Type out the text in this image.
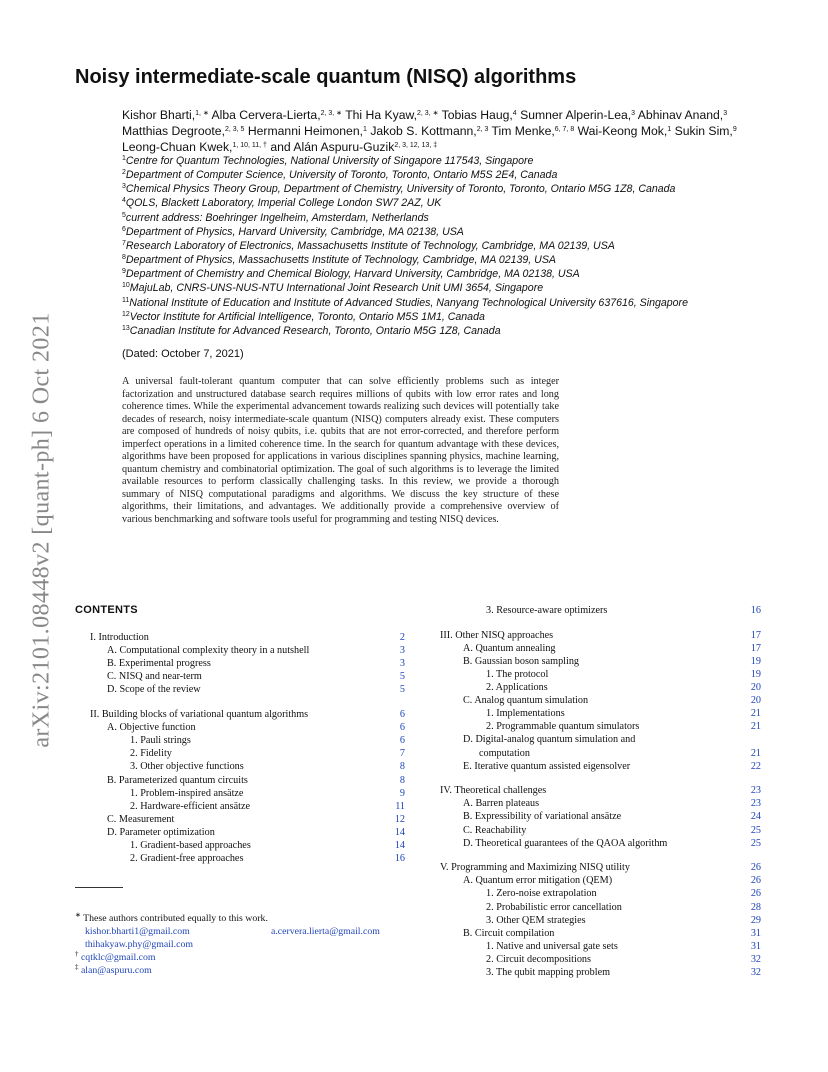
arXiv:2101.08448v2 [quant-ph] 6 Oct 2021
Noisy intermediate-scale quantum (NISQ) algorithms
Kishor Bharti,$^{1, ∗}$ Alba Cervera-Lierta,$^{2, 3, ∗}$ Thi Ha Kyaw,$^{2, 3, ∗}$ Tobias Haug,$^4$ Sumner Alperin-Lea,$^3$ Abhinav Anand,$^3$ Matthias Degroote,$^{2, 3, 5}$ Hermanni Heimonen,$^1$ Jakob S. Kottmann,$^{2, 3}$ Tim Menke,$^{6, 7, 8}$ Wai-Keong Mok,$^1$ Sukin Sim,$^9$ Leong-Chuan Kwek,$^{1, 10, 11, \dagger}$ and Alán Aspuru-Guzik$^{2, 3, 12, 13, \ddagger}$
$^1$Centre for Quantum Technologies, National University of Singapore 117543, Singapore
$^2$Department of Computer Science, University of Toronto, Toronto, Ontario M5S 2E4, Canada
$^3$Chemical Physics Theory Group, Department of Chemistry, University of Toronto, Toronto, Ontario M5G 1Z8, Canada
$^4$QOLS, Blackett Laboratory, Imperial College London SW7 2AZ, UK
$^5$current address: Boehringer Ingelheim, Amsterdam, Netherlands
$^6$Department of Physics, Harvard University, Cambridge, MA 02138, USA
$^7$Research Laboratory of Electronics, Massachusetts Institute of Technology, Cambridge, MA 02139, USA
$^8$Department of Physics, Massachusetts Institute of Technology, Cambridge, MA 02139, USA
$^9$Department of Chemistry and Chemical Biology, Harvard University, Cambridge, MA 02138, USA
$^{10}$MajuLab, CNRS-UNS-NUS-NTU International Joint Research Unit UMI 3654, Singapore
$^{11}$National Institute of Education and Institute of Advanced Studies, Nanyang Technological University 637616, Singapore
$^{12}$Vector Institute for Artificial Intelligence, Toronto, Ontario M5S 1M1, Canada
$^{13}$Canadian Institute for Advanced Research, Toronto, Ontario M5G 1Z8, Canada
(Dated: October 7, 2021)
A universal fault-tolerant quantum computer that can solve efficiently problems such as integer factorization and unstructured database search requires millions of qubits with low error rates and long coherence times. While the experimental advancement towards realizing such devices will potentially take decades of research, noisy intermediate-scale quantum (NISQ) computers already exist. These computers are composed of hundreds of noisy qubits, i.e. qubits that are not error-corrected, and therefore perform imperfect operations in a limited coherence time. In the search for quantum advantage with these devices, algorithms have been proposed for applications in various disciplines spanning physics, machine learning, quantum chemistry and combinatorial optimization. The goal of such algorithms is to leverage the limited available resources to perform classically challenging tasks. In this review, we provide a thorough summary of NISQ computational paradigms and algorithms. We discuss the key structure of these algorithms, their limitations, and advantages. We additionally provide a comprehensive overview of various benchmarking and software tools useful for programming and testing NISQ devices.
CONTENTS
I. Introduction	2
A. Computational complexity theory in a nutshell	3
B. Experimental progress	3
C. NISQ and near-term	5
D. Scope of the review	5
II. Building blocks of variational quantum algorithms	6
A. Objective function	6
1. Pauli strings	6
2. Fidelity	7
3. Other objective functions	8
B. Parameterized quantum circuits	8
1. Problem-inspired ansätze	9
2. Hardware-efficient ansätze	11
C. Measurement	12
D. Parameter optimization	14
1. Gradient-based approaches	14
2. Gradient-free approaches	16
3. Resource-aware optimizers	16
III. Other NISQ approaches	17
A. Quantum annealing	17
B. Gaussian boson sampling	19
1. The protocol	19
2. Applications	20
C. Analog quantum simulation	20
1. Implementations	21
2. Programmable quantum simulators	21
D. Digital-analog quantum simulation and
computation	21
E. Iterative quantum assisted eigensolver	22
IV. Theoretical challenges	23
A. Barren plateaus	23
B. Expressibility of variational ansätze	24
C. Reachability	25
D. Theoretical guarantees of the QAOA algorithm	25
V. Programming and Maximizing NISQ utility	26
A. Quantum error mitigation (QEM)	26
1. Zero-noise extrapolation	26
2. Probabilistic error cancellation	28
3. Other QEM strategies	29
B. Circuit compilation	31
1. Native and universal gate sets	31
2. Circuit decompositions	32
3. The qubit mapping problem	32
∗ These authors contributed equally to this work.
kishor.bharti1@gmail.com	a.cervera.lierta@gmail.com
thihakyaw.phy@gmail.com
† cqtklc@gmail.com
‡ alan@aspuru.com
